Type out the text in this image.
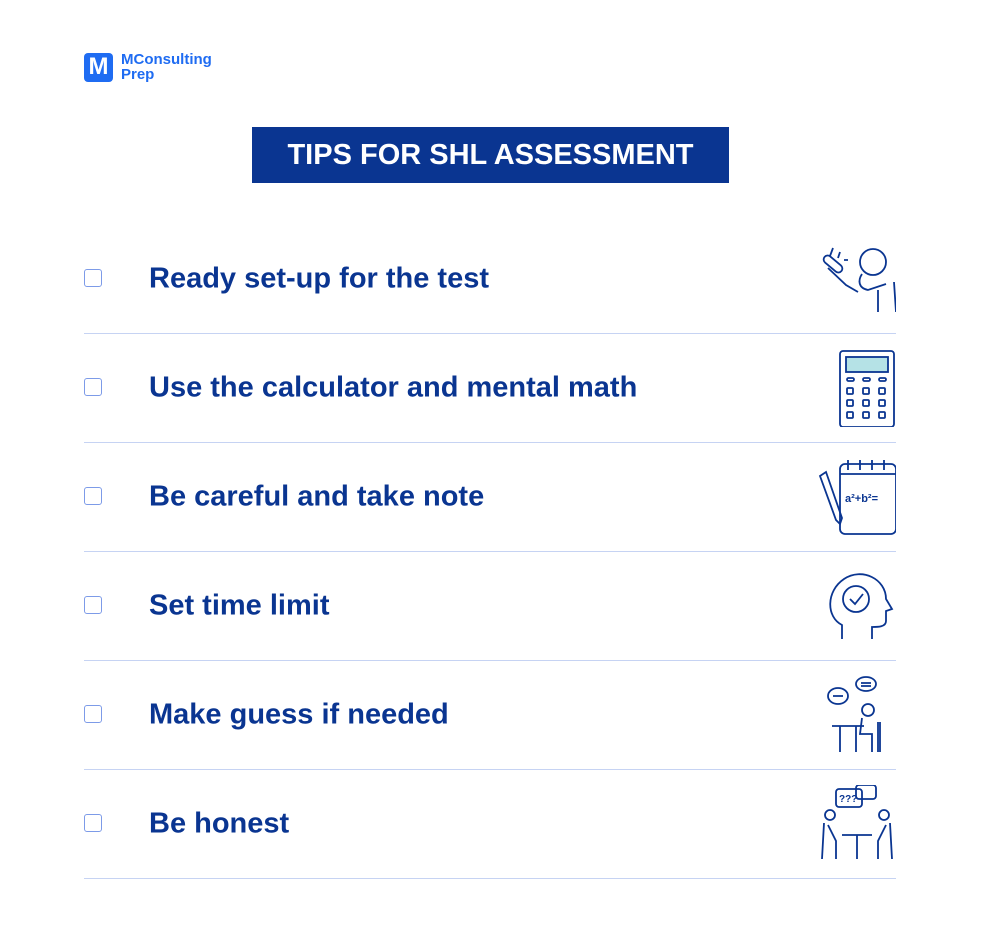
M MConsulting
Prep
TIPS FOR SHL ASSESSMENT
Ready set-up for the test
Use the calculator and mental math
Be careful and take note	a²+b²=
Set time limit
Make guess if needed
Be honest
???
